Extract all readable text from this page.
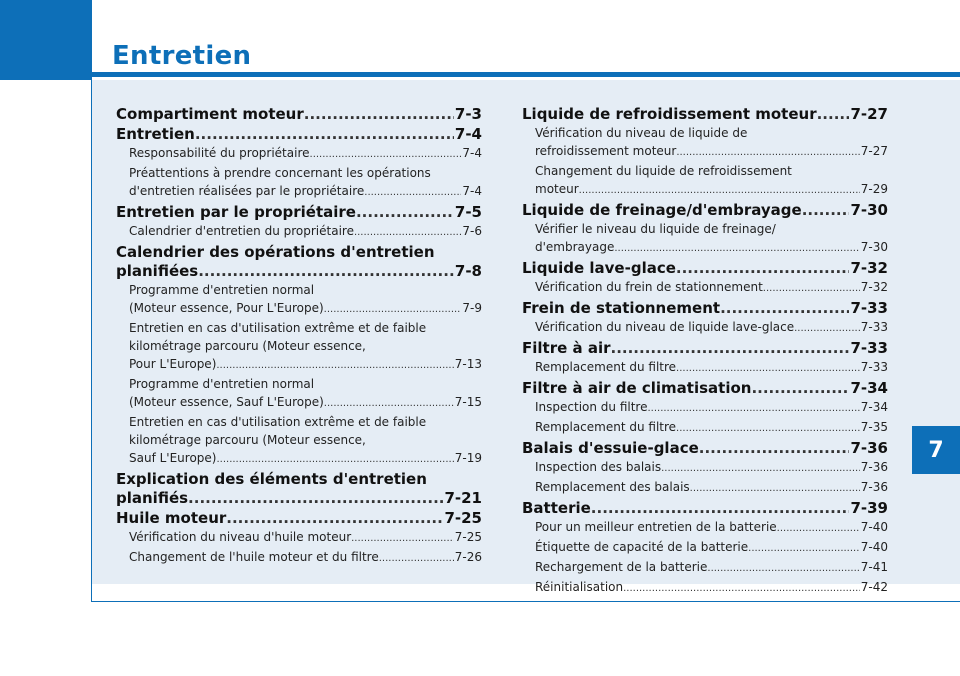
Entretien
7
Compartiment moteur .....	7-3
Entretien .....	7-4
Responsabilité du propriétaire .....	7-4
Préattentions à prendre concernant les opérations
d'entretien réalisées par le propriétaire .....	7-4
Entretien par le propriétaire .....	7-5
Calendrier d'entretien du propriétaire .....	7-6
Calendrier des opérations d'entretien
planifiées .....	7-8
Programme d'entretien normal
(Moteur essence, Pour L'Europe) .....	7-9
Entretien en cas d'utilisation extrême et de faible
kilométrage parcouru (Moteur essence,
Pour L'Europe) .....	7-13
Programme d'entretien normal
(Moteur essence, Sauf L'Europe) .....	7-15
Entretien en cas d'utilisation extrême et de faible
kilométrage parcouru (Moteur essence,
Sauf L'Europe) .....	7-19
Explication des éléments d'entretien
planifiés .....	7-21
Huile moteur .....	7-25
Vérification du niveau d'huile moteur .....	7-25
Changement de l'huile moteur et du filtre .....	7-26
Liquide de refroidissement moteur ..... 7-27
Vérification du niveau de liquide de
refroidissement moteur .....	7-27
Changement du liquide de refroidissement
moteur .....	7-29
Liquide de freinage/d'embrayage .....	7-30
Vérifier le niveau du liquide de freinage/
d'embrayage .....	7-30
Liquide lave-glace .....	7-32
Vérification du frein de stationnement .....	7-32
Frein de stationnement .....	7-33
Vérification du niveau de liquide lave-glace .....	7-33
Filtre à air .....	7-33
Remplacement du filtre .....	7-33
Filtre à air de climatisation .....	7-34
Inspection du filtre .....	7-34
Remplacement du filtre .....	7-35
Balais d'essuie-glace .....	7-36
Inspection des balais .....	7-36
Remplacement des balais .....	7-36
Batterie .....	7-39
Pour un meilleur entretien de la batterie .....	7-40
Étiquette de capacité de la batterie .....	7-40
Rechargement de la batterie .....	7-41
Réinitialisation .....	7-42
